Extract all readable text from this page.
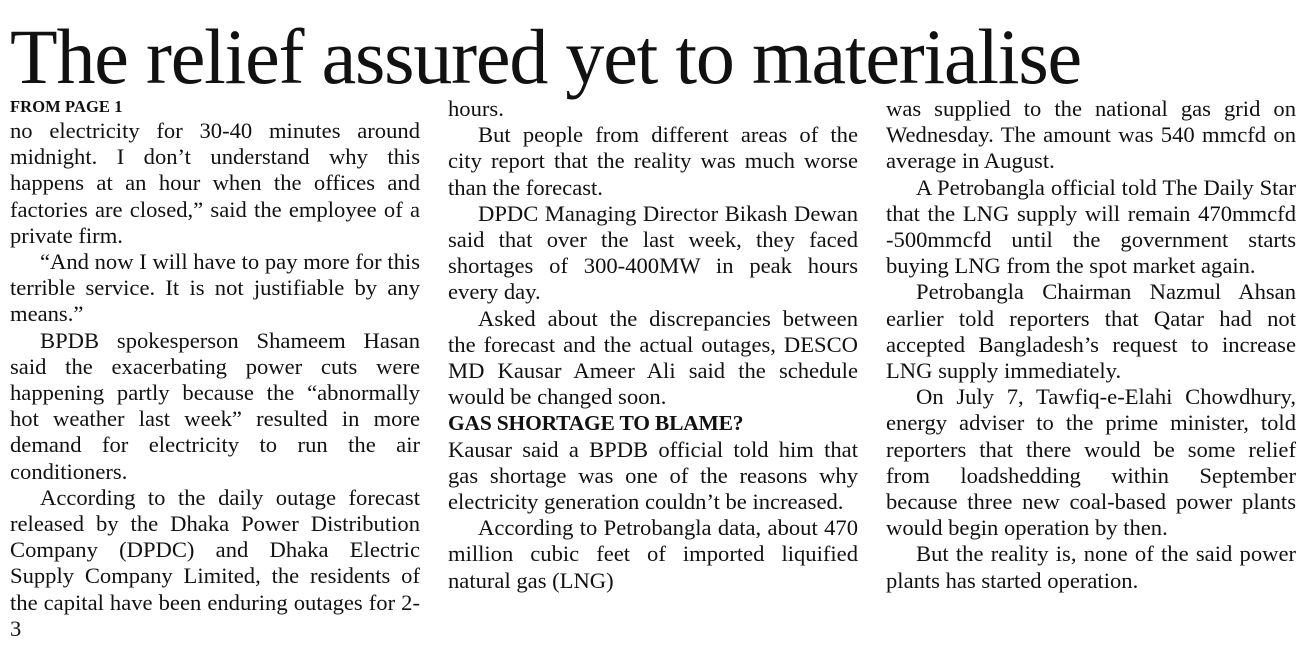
The relief assured yet to materialise
FROM PAGE 1

no electricity for 30-40 minutes around midnight. I don’t understand why this happens at an hour when the offices and factories are closed,” said the employee of a private firm.

“And now I will have to pay more for this terrible service. It is not justifiable by any means.”

BPDB spokesperson Shameem Hasan said the exacerbating power cuts were happening partly because the “abnormally hot weather last week” resulted in more demand for electricity to run the air conditioners.

According to the daily outage forecast released by the Dhaka Power Distribution Company (DPDC) and Dhaka Electric Supply Company Limited, the residents of the capital have been enduring outages for 2-3

hours.

But people from different areas of the city report that the reality was much worse than the forecast.

DPDC Managing Director Bikash Dewan said that over the last week, they faced shortages of 300-400MW in peak hours every day.

Asked about the discrepancies between the forecast and the actual outages, DESCO MD Kausar Ameer Ali said the schedule would be changed soon.

GAS SHORTAGE TO BLAME?

Kausar said a BPDB official told him that gas shortage was one of the reasons why electricity generation couldn’t be increased.

According to Petrobangla data, about 470 million cubic feet of imported liquified natural gas (LNG)

was supplied to the national gas grid on Wednesday. The amount was 540 mmcfd on average in August.

A Petrobangla official told The Daily Star that the LNG supply will remain 470mmcfd -500mmcfd until the government starts buying LNG from the spot market again.

Petrobangla Chairman Nazmul Ahsan earlier told reporters that Qatar had not accepted Bangladesh’s request to increase LNG supply immediately.

On July 7, Tawfiq-e-Elahi Chowdhury, energy adviser to the prime minister, told reporters that there would be some relief from loadshedding within September because three new coal-based power plants would begin operation by then.

But the reality is, none of the said power plants has started operation.
